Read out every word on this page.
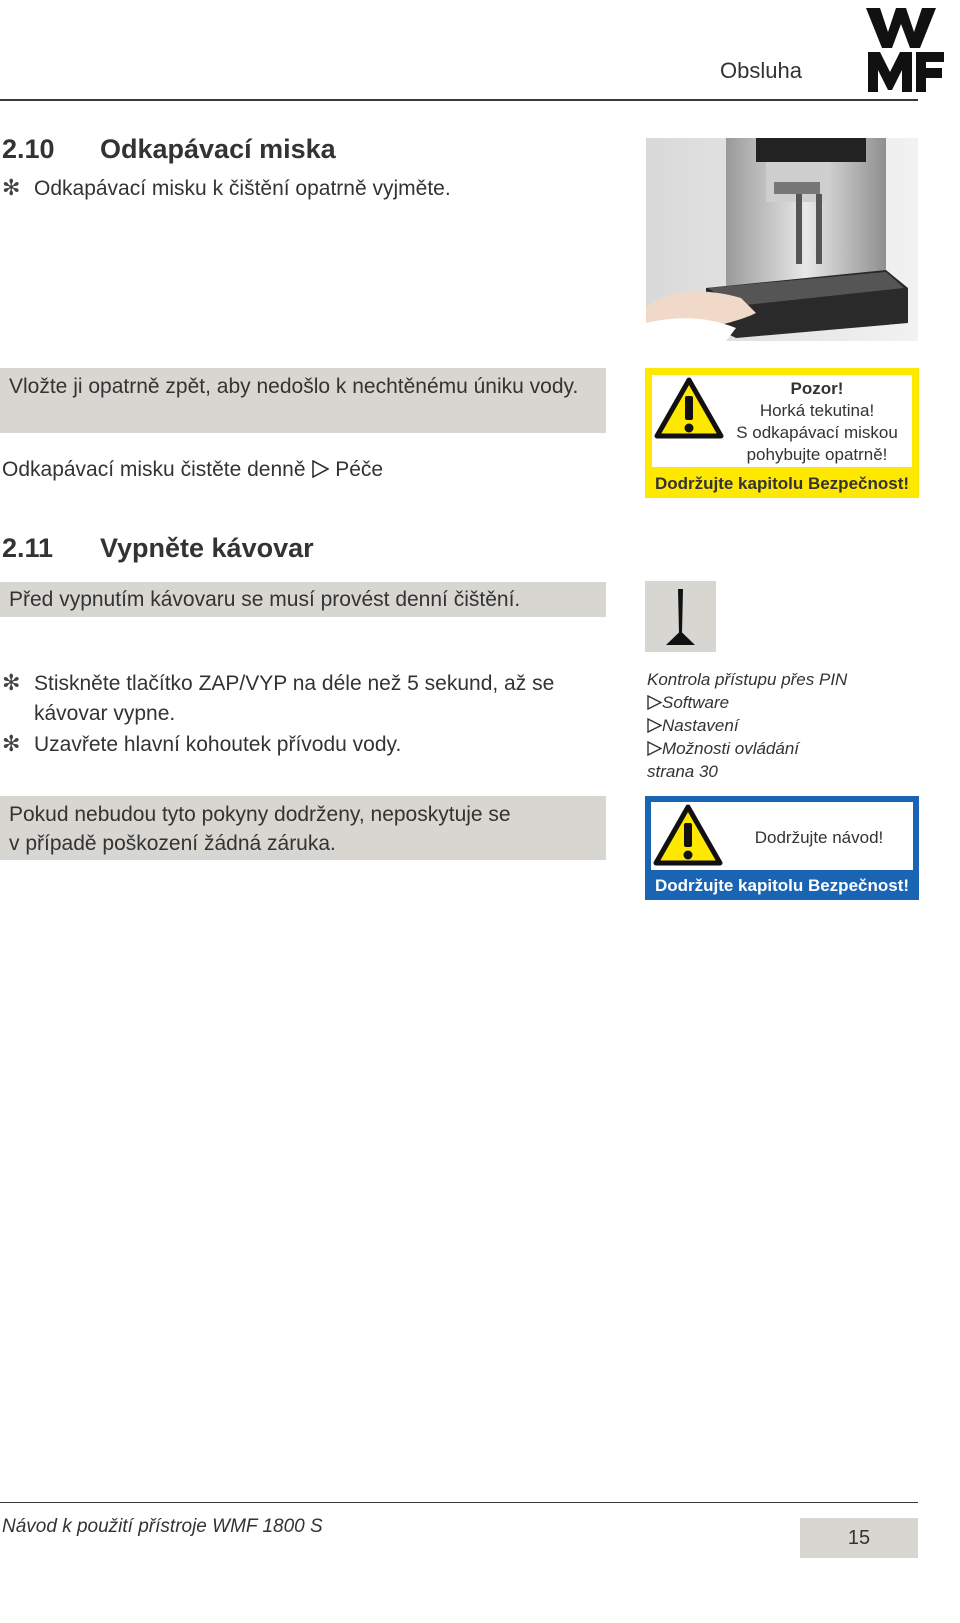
Obsluha
2.10 Odkapávací miska
✻ Odkapávací misku k čištění opatrně vyjměte.
Vložte ji opatrně zpět, aby nedošlo k nechtěnému úniku vody.
Odkapávací misku čistěte denně Péče
Pozor!
Horká tekutina!
S odkapávací miskou
pohybujte opatrně!
Dodržujte kapitolu Bezpečnost!
2.11 Vypněte kávovar
Před vypnutím kávovaru se musí provést denní čištění.
✻ Stiskněte tlačítko ZAP/VYP na déle než 5 sekund, až se
kávovar vypne.
✻ Uzavřete hlavní kohoutek přívodu vody.
Kontrola přístupu přes PIN
Software
Nastavení
Možnosti ovládání
strana 30
Pokud nebudou tyto pokyny dodrženy, neposkytuje se
v případě poškození žádná záruka.	Dodržujte návod!
Dodržujte kapitolu Bezpečnost!
Návod k použití přístroje WMF 1800 S
15
